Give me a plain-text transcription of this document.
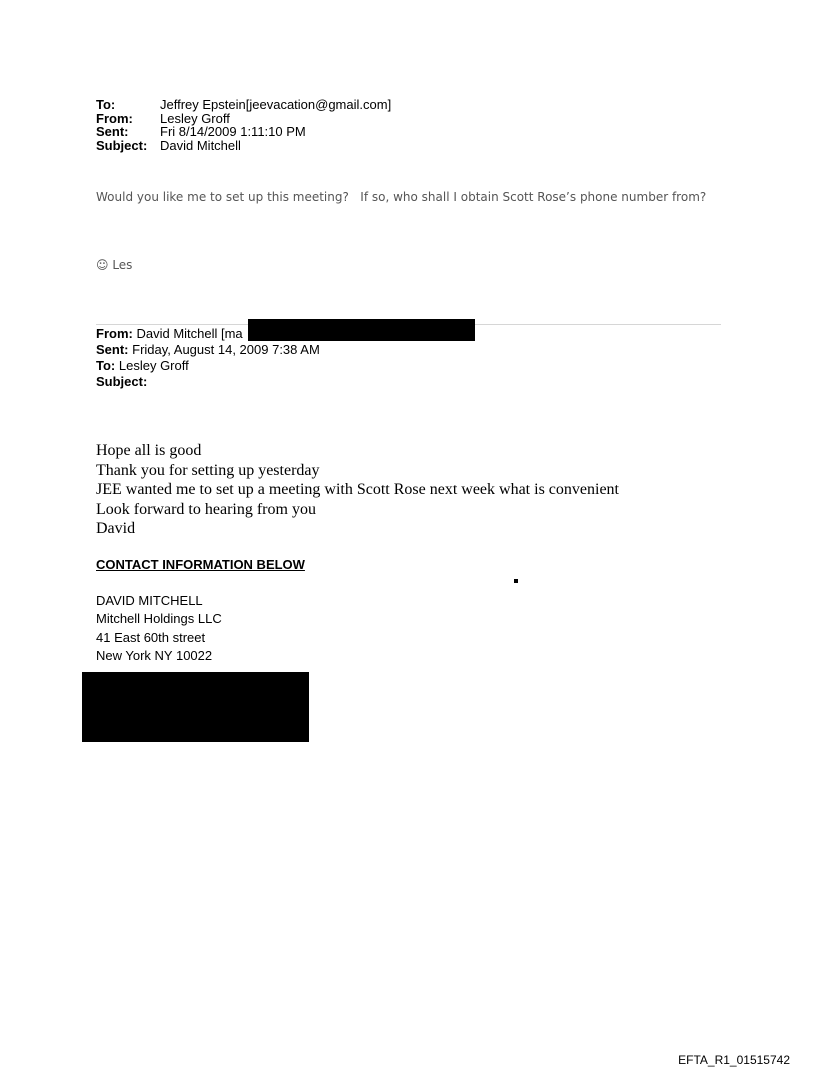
To:	Jeffrey Epstein[jeevacation@gmail.com]
From:	Lesley Groff
Sent:	Fri 8/14/2009 1:11:10 PM
Subject: David Mitchell
Would you like me to set up this meeting?   If so, who shall I obtain Scott Rose’s phone number from?
☺ Les
From: David Mitchell [ma
Sent: Friday, August 14, 2009 7:38 AM
To: Lesley Groff
Subject:
Hope all is good
Thank you for setting up yesterday
JEE wanted me to set up a meeting with Scott Rose next week what is convenient
Look forward to hearing from you
David
CONTACT INFORMATION BELOW
DAVID MITCHELL
Mitchell Holdings LLC
41 East 60th street
New York NY 10022
EFTA_R1_01515742
